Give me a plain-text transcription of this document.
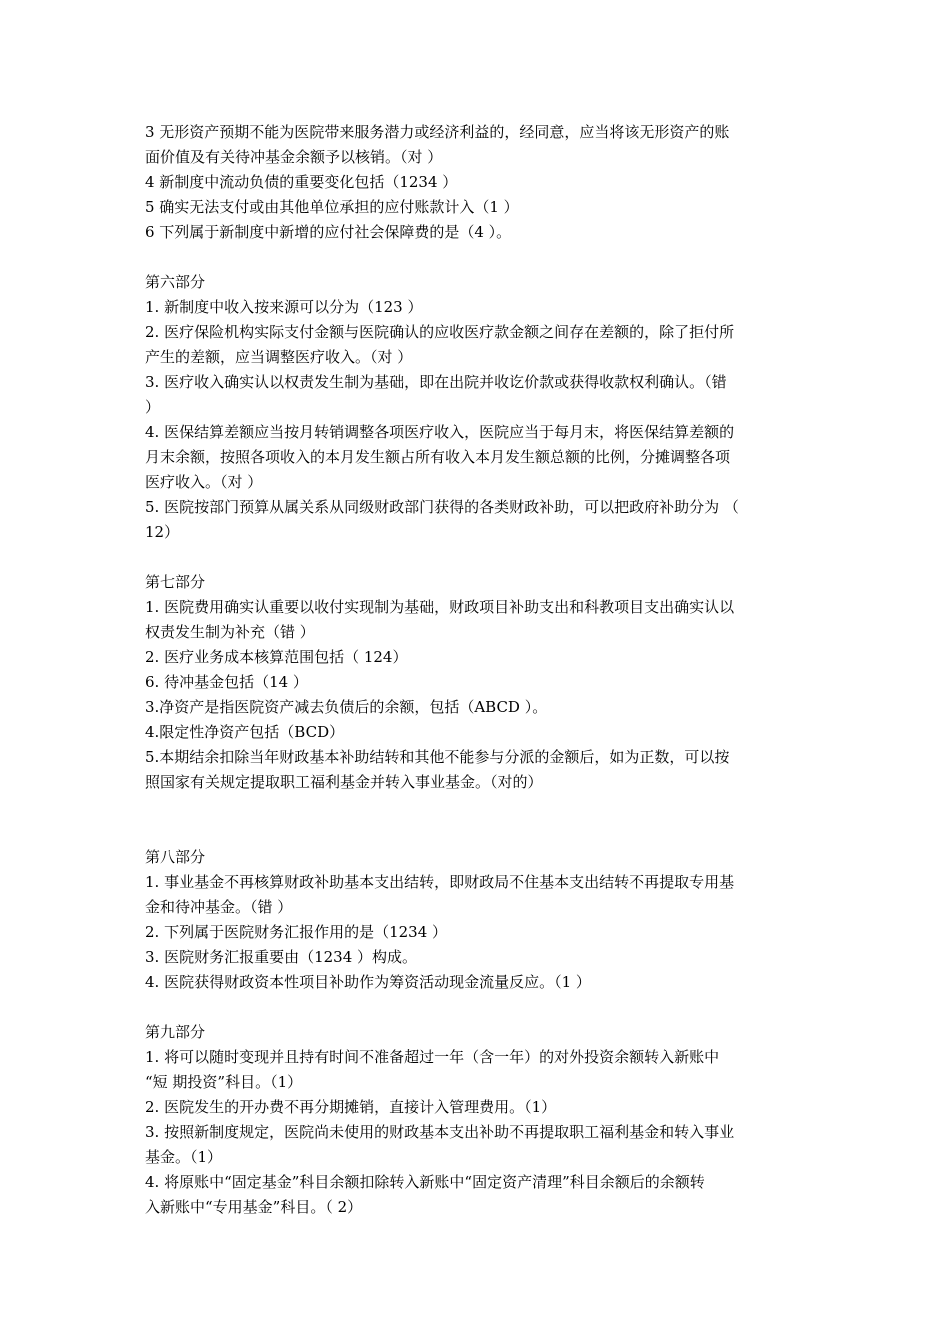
3 无形资产预期不能为医院带来服务潜力或经济利益的，经同意，应当将该无形资产的账
面价值及有关待冲基金余额予以核销。（对 ）
4 新制度中流动负债的重要变化包括（1234 ）
5 确实无法支付或由其他单位承担的应付账款计入（1 ）
6 下列属于新制度中新增的应付社会保障费的是（4 ）。
第六部分
1. 新制度中收入按来源可以分为（123 ）
2. 医疗保险机构实际支付金额与医院确认的应收医疗款金额之间存在差额的，除了拒付所
产生的差额，应当调整医疗收入。（对 ）
3. 医疗收入确实认以权责发生制为基础，即在出院并收讫价款或获得收款权利确认。（错
）
4. 医保结算差额应当按月转销调整各项医疗收入，医院应当于每月末，将医保结算差额的
月末余额，按照各项收入的本月发生额占所有收入本月发生额总额的比例，分摊调整各项
医疗收入。（对 ）
5. 医院按部门预算从属关系从同级财政部门获得的各类财政补助，可以把政府补助分为 （
12）
第七部分
1. 医院费用确实认重要以收付实现制为基础，财政项目补助支出和科教项目支出确实认以
权责发生制为补充（错 ）
2. 医疗业务成本核算范围包括（ 124）
6. 待冲基金包括（14 ）
3.净资产是指医院资产减去负债后的余额，包括（ABCD ）。
4.限定性净资产包括（BCD）
5.本期结余扣除当年财政基本补助结转和其他不能参与分派的金额后，如为正数，可以按
照国家有关规定提取职工福利基金并转入事业基金。（对的）
第八部分
1. 事业基金不再核算财政补助基本支出结转，即财政局不住基本支出结转不再提取专用基
金和待冲基金。（错 ）
2. 下列属于医院财务汇报作用的是（1234 ）
3. 医院财务汇报重要由（1234 ）构成。
4. 医院获得财政资本性项目补助作为筹资活动现金流量反应。（1 ）
第九部分
1. 将可以随时变现并且持有时间不准备超过一年（含一年）的对外投资余额转入新账中
“短 期投资”科目。（1）
2. 医院发生的开办费不再分期摊销，直接计入管理费用。（1）
3. 按照新制度规定，医院尚未使用的财政基本支出补助不再提取职工福利基金和转入事业
基金。（1）
4. 将原账中“固定基金”科目余额扣除转入新账中“固定资产清理”科目余额后的余额转
入新账中“专用基金”科目。（ 2）
